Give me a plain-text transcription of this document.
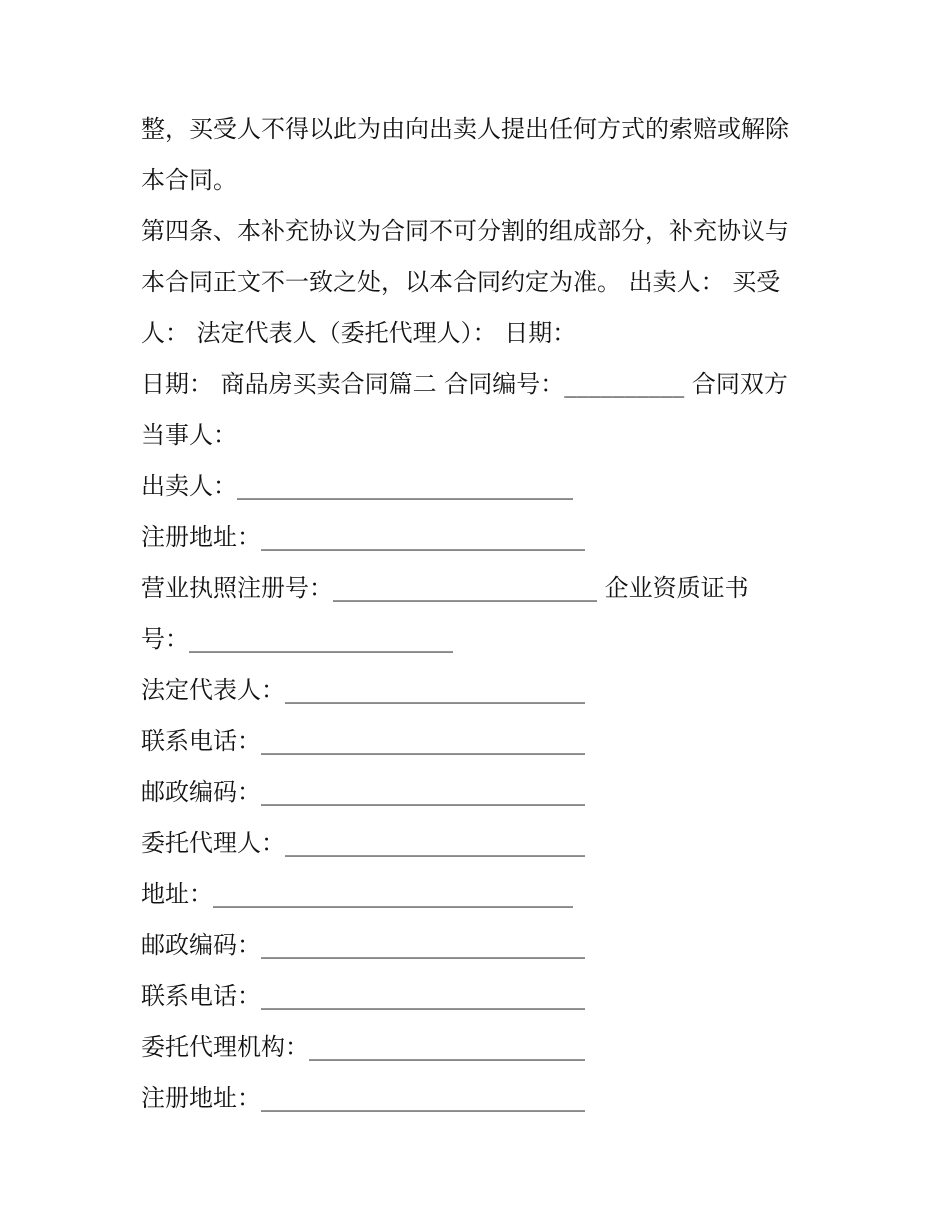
整，买受人不得以此为由向出卖人提出任何方式的索赔或解除
本合同。
第四条、本补充协议为合同不可分割的组成部分，补充协议与
本合同正文不一致之处，以本合同约定为准。 出卖人： 买受
人： 法定代表人（委托代理人）： 日期：
日期： 商品房买卖合同篇二 合同编号：__________ 合同双方
当事人：
出卖人：____________________________
注册地址：___________________________
营业执照注册号：______________________ 企业资质证书
号：______________________
法定代表人：_________________________
联系电话：___________________________
邮政编码：___________________________
委托代理人：_________________________
地址：______________________________
邮政编码：___________________________
联系电话：___________________________
委托代理机构：_______________________
注册地址：___________________________
